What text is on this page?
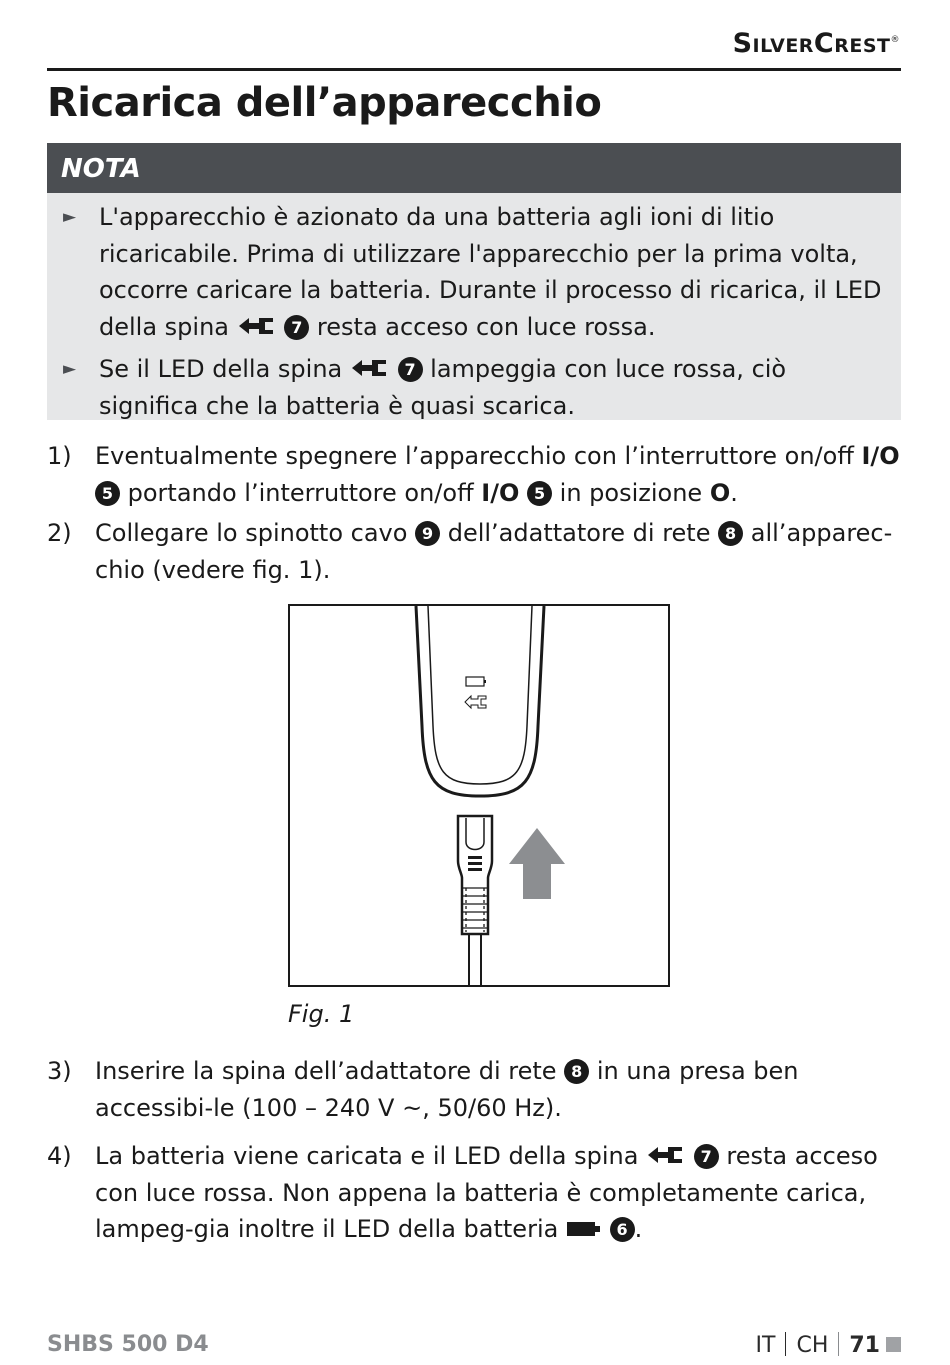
SilverCrest®
Ricarica dell’apparecchio
NOTA
► L'apparecchio è azionato da una batteria agli ioni di litio ricaricabile. Prima di utilizzare l'apparecchio per la prima volta, occorre caricare la batteria. Durante il processo di ricarica, il LED della spina	7 resta acceso con luce rossa.
► Se il LED della spina	7 lampeggia con luce rossa, ciò significa che la batteria è quasi scarica.
1) Eventualmente spegnere l’apparecchio con l’interruttore on/off I/O 5 portando l’interruttore on/off I/O 5 in posizione O.
2) Collegare lo spinotto cavo 9 dell’adattatore di rete 8 all’apparec-chio (vedere fig. 1).
Fig. 1
3) Inserire la spina dell’adattatore di rete 8 in una presa ben accessibi-le (100 – 240 V ~, 50/60 Hz).
4) La batteria viene caricata e il LED della spina	7 resta acceso con luce rossa. Non appena la batteria è completamente carica, lampeg-gia inoltre il LED della batteria	6 .
SHBS 500 D4	IT CH 71
